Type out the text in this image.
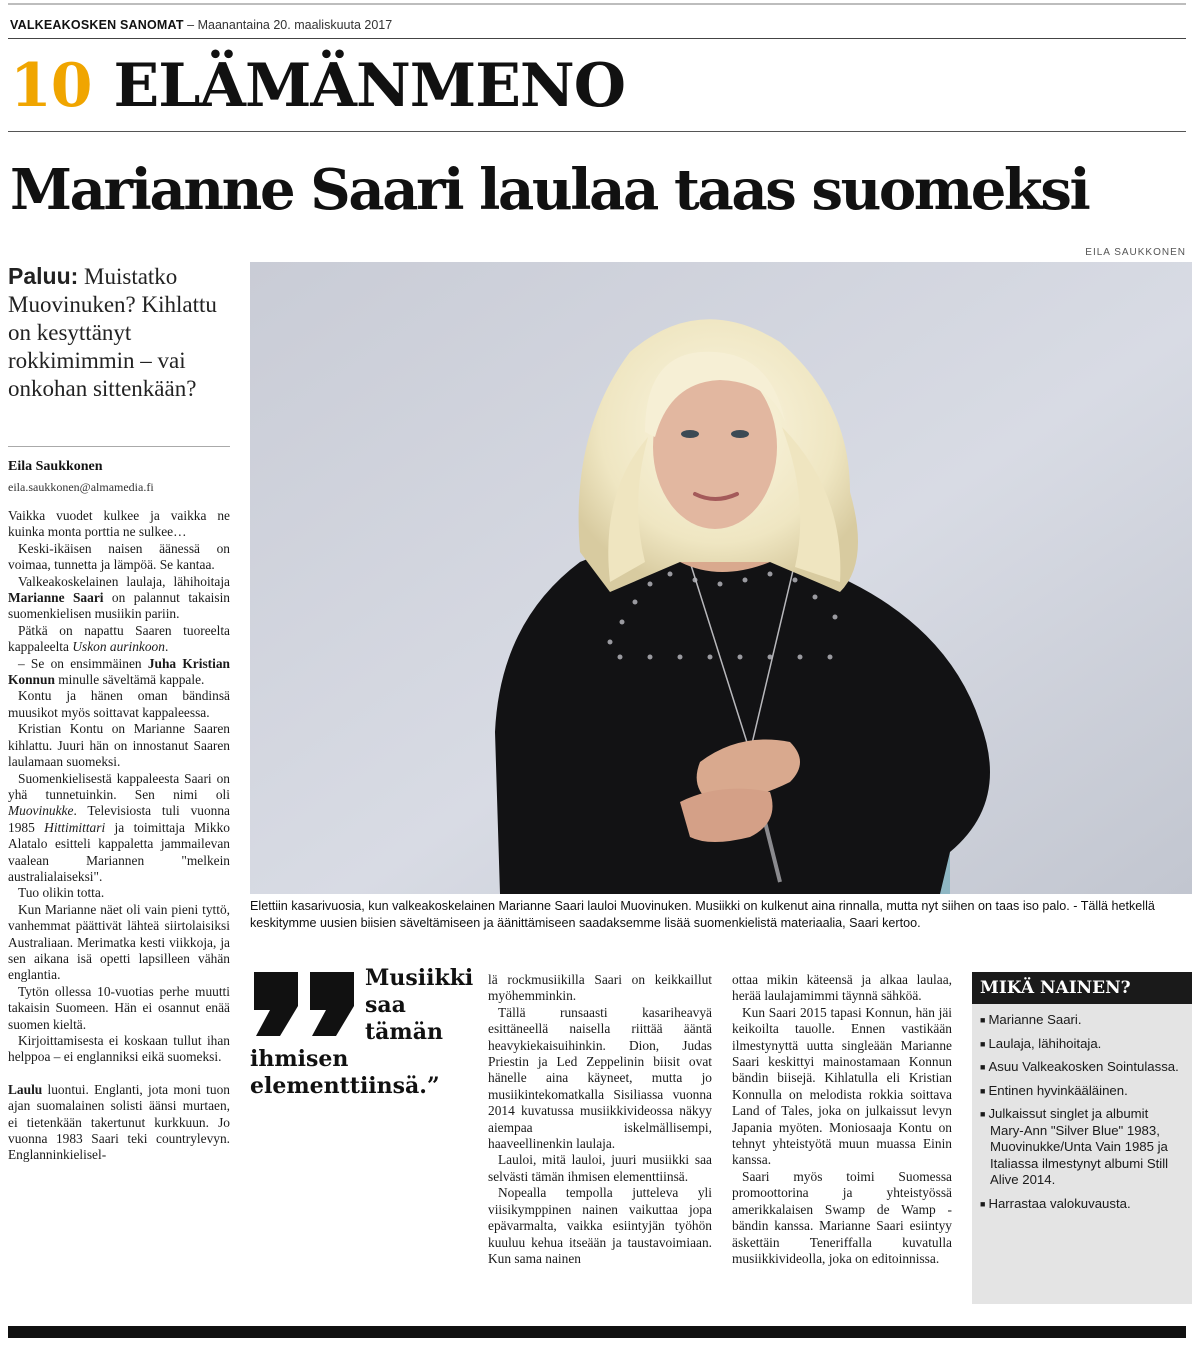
VALKEAKOSKEN SANOMAT – Maanantaina 20. maaliskuuta 2017
10 ELÄMÄNMENO
Marianne Saari laulaa taas suomeksi
EILA SAUKKONEN
Paluu: Muistatko Muovinuken? Kihlattu on kesyttänyt rokkimimmin – vai onkohan sittenkään?
Eila Saukkonen
eila.saukkonen@almamedia.fi

Vaikka vuodet kulkee ja vaikka ne kuinka monta porttia ne sulkee…

Keski-ikäisen naisen äänessä on voimaa, tunnetta ja lämpöä. Se kantaa.

Valkeakoskelainen laulaja, lähihoitaja Marianne Saari on palannut takaisin suomenkielisen musiikin pariin.

Pätkä on napattu Saaren tuoreelta kappaleelta Uskon aurinkoon.

– Se on ensimmäinen Juha Kristian Konnun minulle säveltämä kappale.

Kontu ja hänen oman bändinsä muusikot myös soittavat kappaleessa.

Kristian Kontu on Marianne Saaren kihlattu. Juuri hän on innostanut Saaren laulamaan suomeksi.

Suomenkielisestä kappaleesta Saari on yhä tunnetuinkin. Sen nimi oli Muovinukke. Televisiosta tuli vuonna 1985 Hittimittari ja toimittaja Mikko Alatalo esitteli kappaletta jammailevan vaalean Mariannen "melkein australialaiseksi".

Tuo olikin totta.

Kun Marianne näet oli vain pieni tyttö, vanhemmat päättivät lähteä siirtolaisiksi Australiaan. Merimatka kesti viikkoja, ja sen aikana isä opetti lapsilleen vähän englantia.

Tytön ollessa 10-vuotias perhe muutti takaisin Suomeen. Hän ei osannut enää suomen kieltä.

Kirjoittamisesta ei koskaan tullut ihan helppoa – ei englanniksi eikä suomeksi.

Laulu luontui. Englanti, jota moni tuon ajan suomalainen solisti äänsi murtaen, ei tietenkään takertunut kurkkuun. Jo vuonna 1983 Saari teki countrylevyn. Englanninkielisel-

Elettiin kasarivuosia, kun valkeakoskelainen Marianne Saari lauloi Muovinuken. Musiikki on kulkenut aina rinnalla, mutta nyt siihen on taas iso palo. - Tällä hetkellä keskitymme uusien biisien säveltämiseen ja äänittämiseen saadaksemme lisää suomenkielistä materiaalia, Saari kertoo.
Musiikki
saa
tämän
ihmisen
elementtiinsä.”

lä rockmusiikilla Saari on keikkaillut myöhemminkin.

Tällä runsaasti kasariheavyä esittäneellä naisella riittää ääntä heavykiekaisuihinkin. Dion, Judas Priestin ja Led Zeppelinin biisit ovat hänelle aina käyneet, mutta jo musiikintekomatkalla Sisiliassa vuonna 2014 kuvatussa musiikkivideossa näkyy aiempaa iskelmällisempi, haaveellinenkin laulaja.

Lauloi, mitä lauloi, juuri musiikki saa selvästi tämän ihmisen elementtiinsä.

Nopealla tempolla jutteleva yli viisikymppinen nainen vaikuttaa jopa epävarmalta, vaikka esiintyjän työhön kuuluu kehua itseään ja taustavoimiaan. Kun sama nainen

ottaa mikin käteensä ja alkaa laulaa, herää laulajamimmi täynnä sähköä.

Kun Saari 2015 tapasi Konnun, hän jäi keikoilta tauolle. Ennen vastikään ilmestynyttä uutta singleään Marianne Saari keskittyi mainostamaan Konnun bändin biisejä. Kihlatulla eli Kristian Konnulla on melodista rokkia soittava Land of Tales, joka on julkaissut levyn Japania myöten. Moniosaaja Kontu on tehnyt yhteistyötä muun muassa Einin kanssa.

Saari myös toimi Suomessa promoottorina ja yhteistyössä amerikkalaisen Swamp de Wamp -bändin kanssa. Marianne Saari esiintyy äskettäin Teneriffalla kuvatulla musiikkivideolla, joka on editoinnissa.

MIKÄ NAINEN?
■ Marianne Saari.
■ Laulaja, lähihoitaja.
■ Asuu Valkeakosken Sointulassa.
■ Entinen hyvinkääläinen.
■ Julkaissut singlet ja albumit Mary-Ann "Silver Blue" 1983, Muovinukke/Unta Vain 1985 ja Italiassa ilmestynyt albumi Still Alive 2014.
■ Harrastaa valokuvausta.
